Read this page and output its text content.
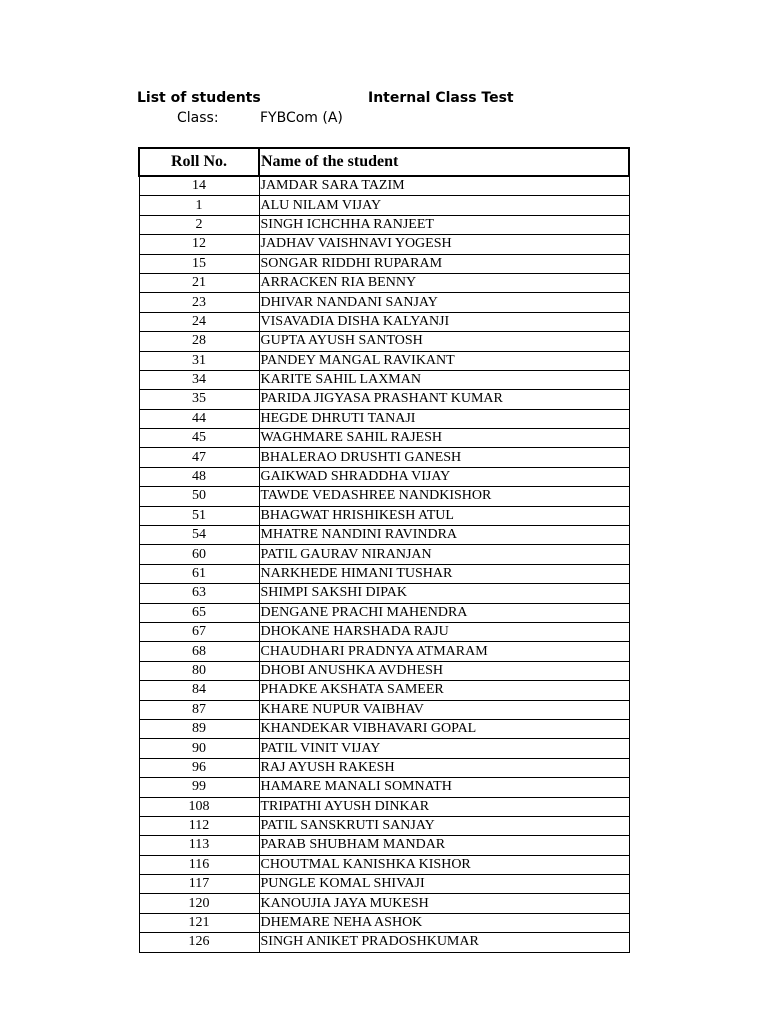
List of students	Internal Class Test
Class:	FYBCom (A)
Roll No.	Name of the student
14	JAMDAR SARA TAZIM
1	ALU NILAM VIJAY
2	SINGH ICHCHHA RANJEET
12	JADHAV VAISHNAVI YOGESH
15	SONGAR RIDDHI RUPARAM
21	ARRACKEN RIA BENNY
23	DHIVAR NANDANI SANJAY
24	VISAVADIA DISHA KALYANJI
28	GUPTA AYUSH SANTOSH
31	PANDEY MANGAL RAVIKANT
34	KARITE SAHIL LAXMAN
35	PARIDA JIGYASA PRASHANT KUMAR
44	HEGDE DHRUTI TANAJI
45	WAGHMARE SAHIL RAJESH
47	BHALERAO DRUSHTI GANESH
48	GAIKWAD SHRADDHA VIJAY
50	TAWDE VEDASHREE NANDKISHOR
51	BHAGWAT HRISHIKESH ATUL
54	MHATRE NANDINI RAVINDRA
60	PATIL GAURAV NIRANJAN
61	NARKHEDE HIMANI TUSHAR
63	SHIMPI SAKSHI DIPAK
65	DENGANE PRACHI MAHENDRA
67	DHOKANE HARSHADA RAJU
68	CHAUDHARI PRADNYA ATMARAM
80	DHOBI ANUSHKA AVDHESH
84	PHADKE AKSHATA SAMEER
87	KHARE NUPUR VAIBHAV
89	KHANDEKAR VIBHAVARI GOPAL
90	PATIL VINIT VIJAY
96	RAJ AYUSH RAKESH
99	HAMARE MANALI SOMNATH
108	TRIPATHI AYUSH DINKAR
112	PATIL SANSKRUTI SANJAY
113	PARAB SHUBHAM MANDAR
116	CHOUTMAL KANISHKA KISHOR
117	PUNGLE KOMAL SHIVAJI
120	KANOUJIA JAYA MUKESH
121	DHEMARE NEHA ASHOK
126	SINGH ANIKET PRADOSHKUMAR
